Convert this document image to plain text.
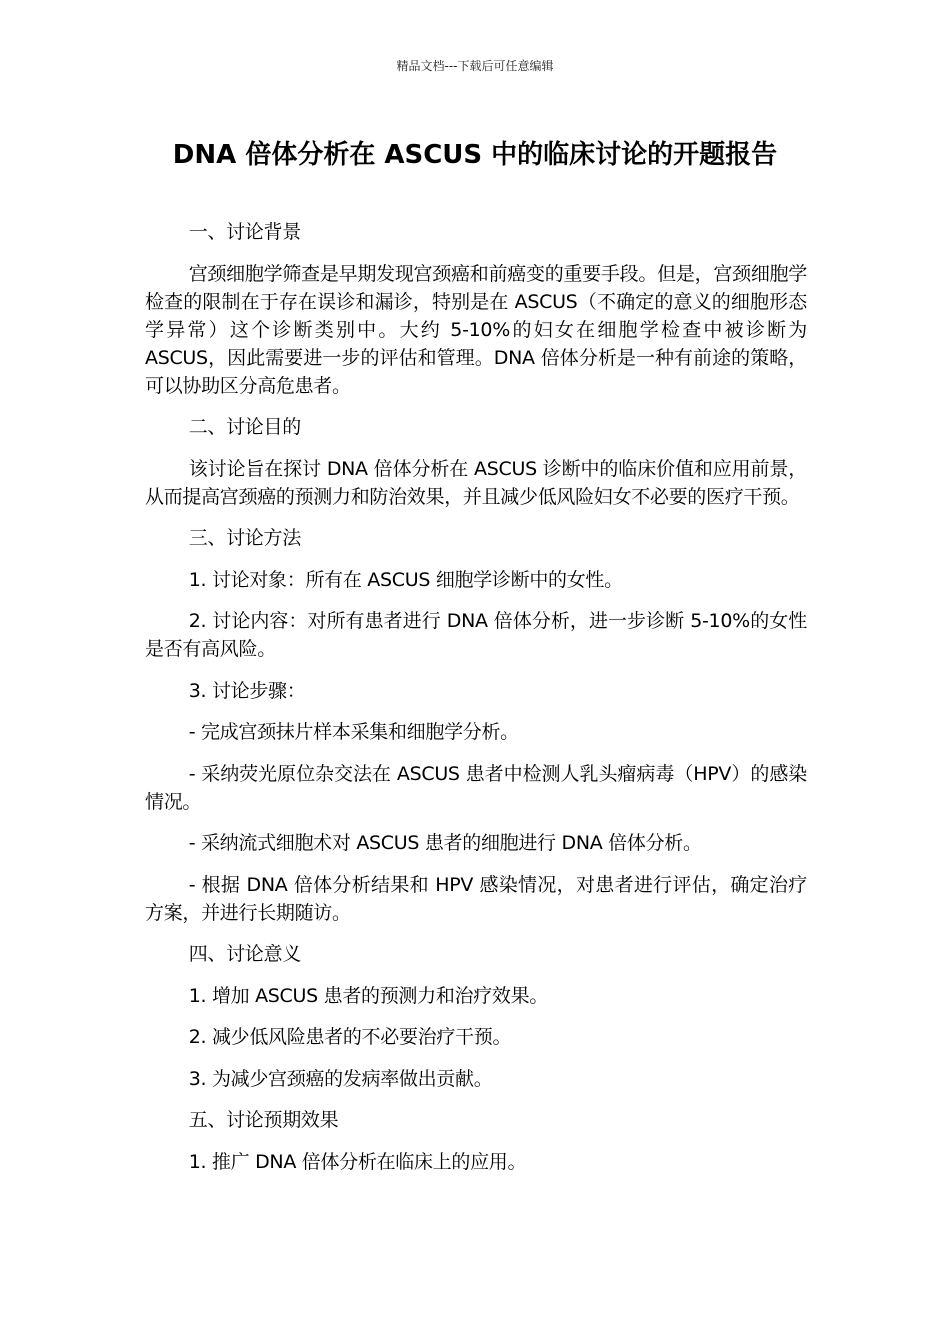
精品文档---下载后可任意编辑
DNA 倍体分析在 ASCUS 中的临床讨论的开题报告

一、讨论背景

宫颈细胞学筛查是早期发现宫颈癌和前癌变的重要手段。但是，宫颈细胞学检查的限制在于存在误诊和漏诊，特别是在 ASCUS（不确定的意义的细胞形态学异常）这个诊断类别中。大约 5-10%的妇女在细胞学检查中被诊断为 ASCUS，因此需要进一步的评估和管理。DNA 倍体分析是一种有前途的策略，可以协助区分高危患者。

二、讨论目的

该讨论旨在探讨 DNA 倍体分析在 ASCUS 诊断中的临床价值和应用前景，从而提高宫颈癌的预测力和防治效果，并且减少低风险妇女不必要的医疗干预。

三、讨论方法

1. 讨论对象：所有在 ASCUS 细胞学诊断中的女性。

2. 讨论内容：对所有患者进行 DNA 倍体分析，进一步诊断 5-10%的女性是否有高风险。

3. 讨论步骤：

- 完成宫颈抹片样本采集和细胞学分析。

- 采纳荧光原位杂交法在 ASCUS 患者中检测人乳头瘤病毒（HPV）的感染情况。

- 采纳流式细胞术对 ASCUS 患者的细胞进行 DNA 倍体分析。

- 根据 DNA 倍体分析结果和 HPV 感染情况，对患者进行评估，确定治疗方案，并进行长期随访。

四、讨论意义

1. 增加 ASCUS 患者的预测力和治疗效果。

2. 减少低风险患者的不必要治疗干预。

3. 为减少宫颈癌的发病率做出贡献。

五、讨论预期效果

1. 推广 DNA 倍体分析在临床上的应用。
